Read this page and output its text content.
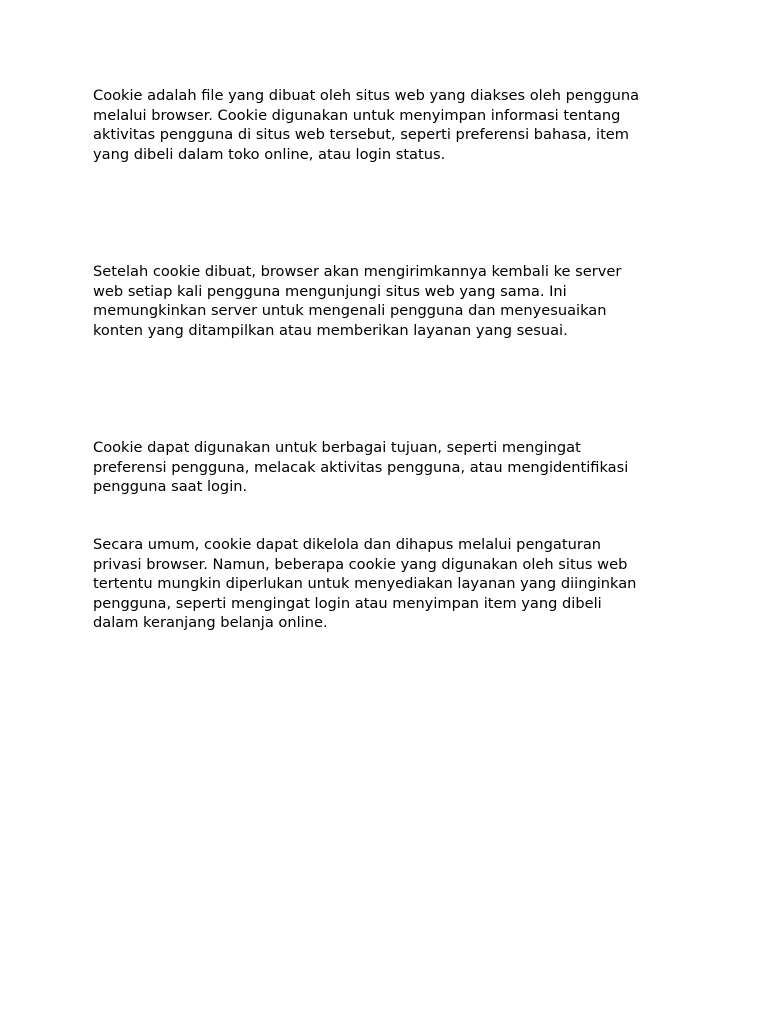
Cookie adalah file yang dibuat oleh situs web yang diakses oleh pengguna
melalui browser. Cookie digunakan untuk menyimpan informasi tentang
aktivitas pengguna di situs web tersebut, seperti preferensi bahasa, item
yang dibeli dalam toko online, atau login status.

Setelah cookie dibuat, browser akan mengirimkannya kembali ke server
web setiap kali pengguna mengunjungi situs web yang sama. Ini
memungkinkan server untuk mengenali pengguna dan menyesuaikan
konten yang ditampilkan atau memberikan layanan yang sesuai.

Cookie dapat digunakan untuk berbagai tujuan, seperti mengingat
preferensi pengguna, melacak aktivitas pengguna, atau mengidentifikasi
pengguna saat login.

Secara umum, cookie dapat dikelola dan dihapus melalui pengaturan
privasi browser. Namun, beberapa cookie yang digunakan oleh situs web
tertentu mungkin diperlukan untuk menyediakan layanan yang diinginkan
pengguna, seperti mengingat login atau menyimpan item yang dibeli
dalam keranjang belanja online.
